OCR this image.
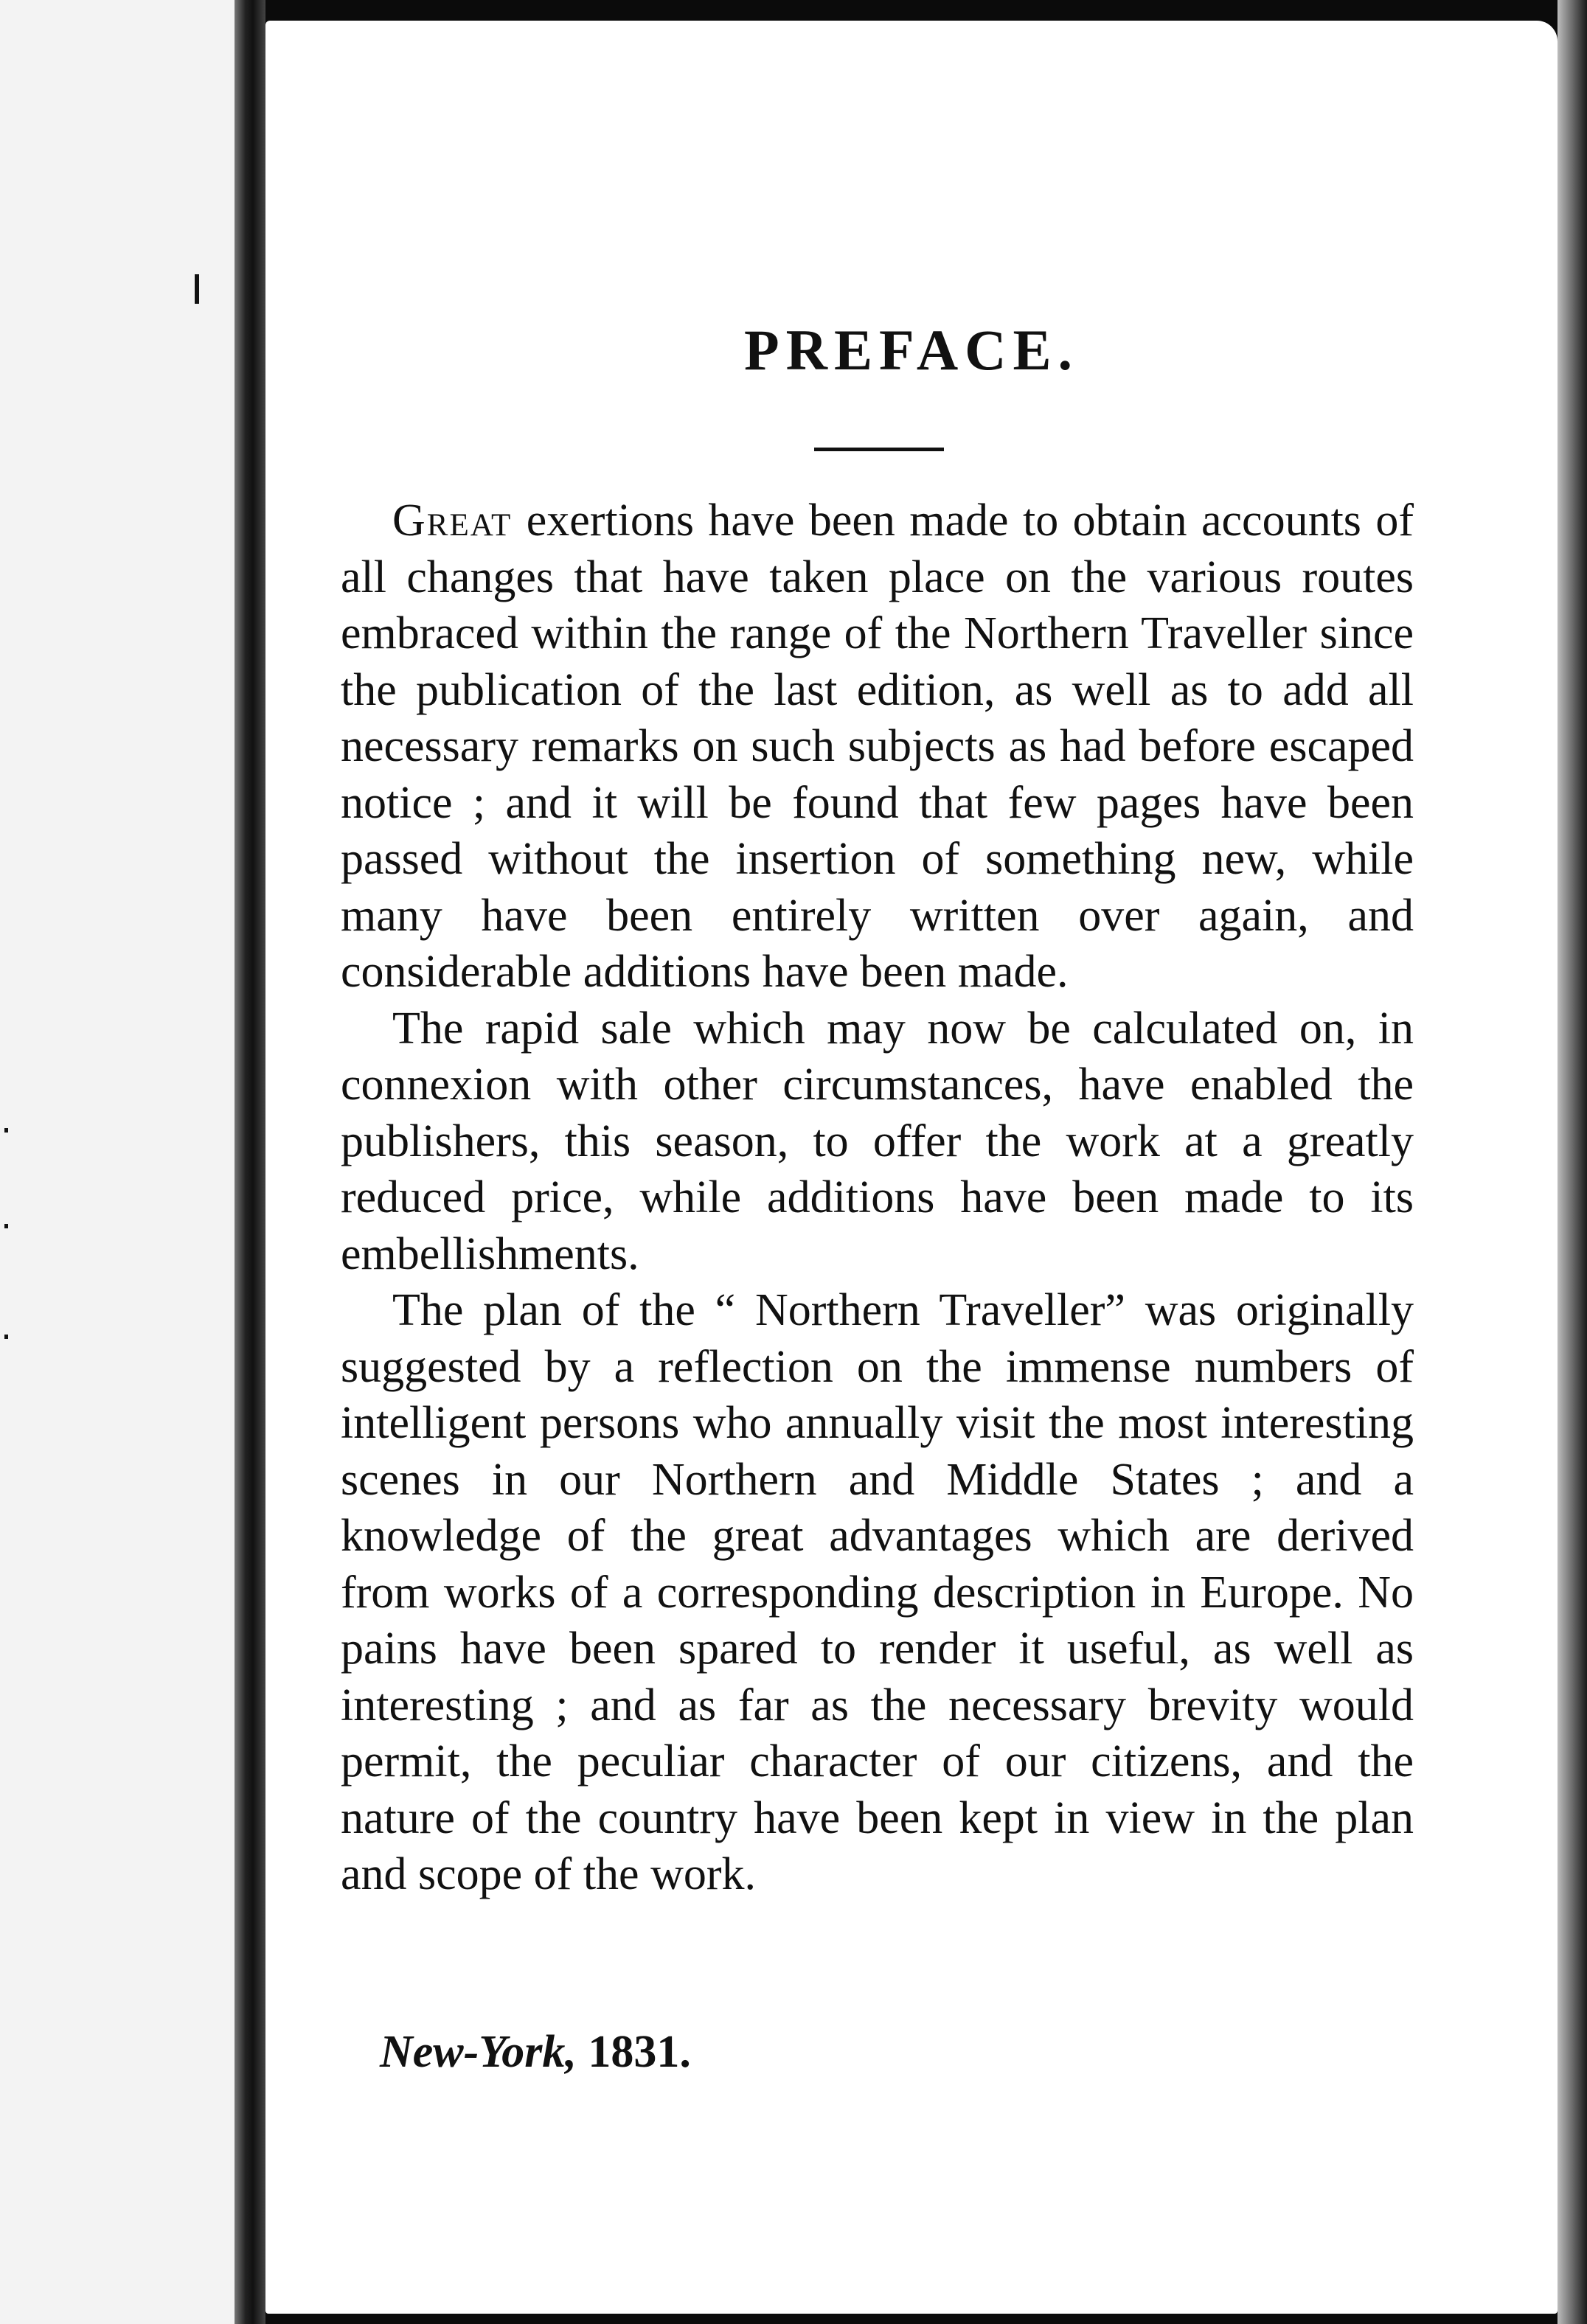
PREFACE.

Great exertions have been made to obtain accounts of all changes that have taken place on the various routes embraced within the range of the Northern Traveller since the publication of the last edition, as well as to add all necessary remarks on such subjects as had before escaped notice ; and it will be found that few pages have been passed without the insertion of something new, while many have been entirely written over again, and considerable additions have been made.

The rapid sale which may now be calculated on, in connexion with other circumstances, have enabled the publishers, this season, to offer the work at a greatly reduced price, while additions have been made to its embellishments.

The plan of the “ Northern Traveller” was originally suggested by a reflection on the immense numbers of intelligent persons who annually visit the most interesting scenes in our Northern and Middle States ; and a knowledge of the great advantages which are derived from works of a corresponding description in Europe. No pains have been spared to render it useful, as well as interesting ; and as far as the necessary brevity would permit, the peculiar character of our citizens, and the nature of the country have been kept in view in the plan and scope of the work.

New-York, 1831.
